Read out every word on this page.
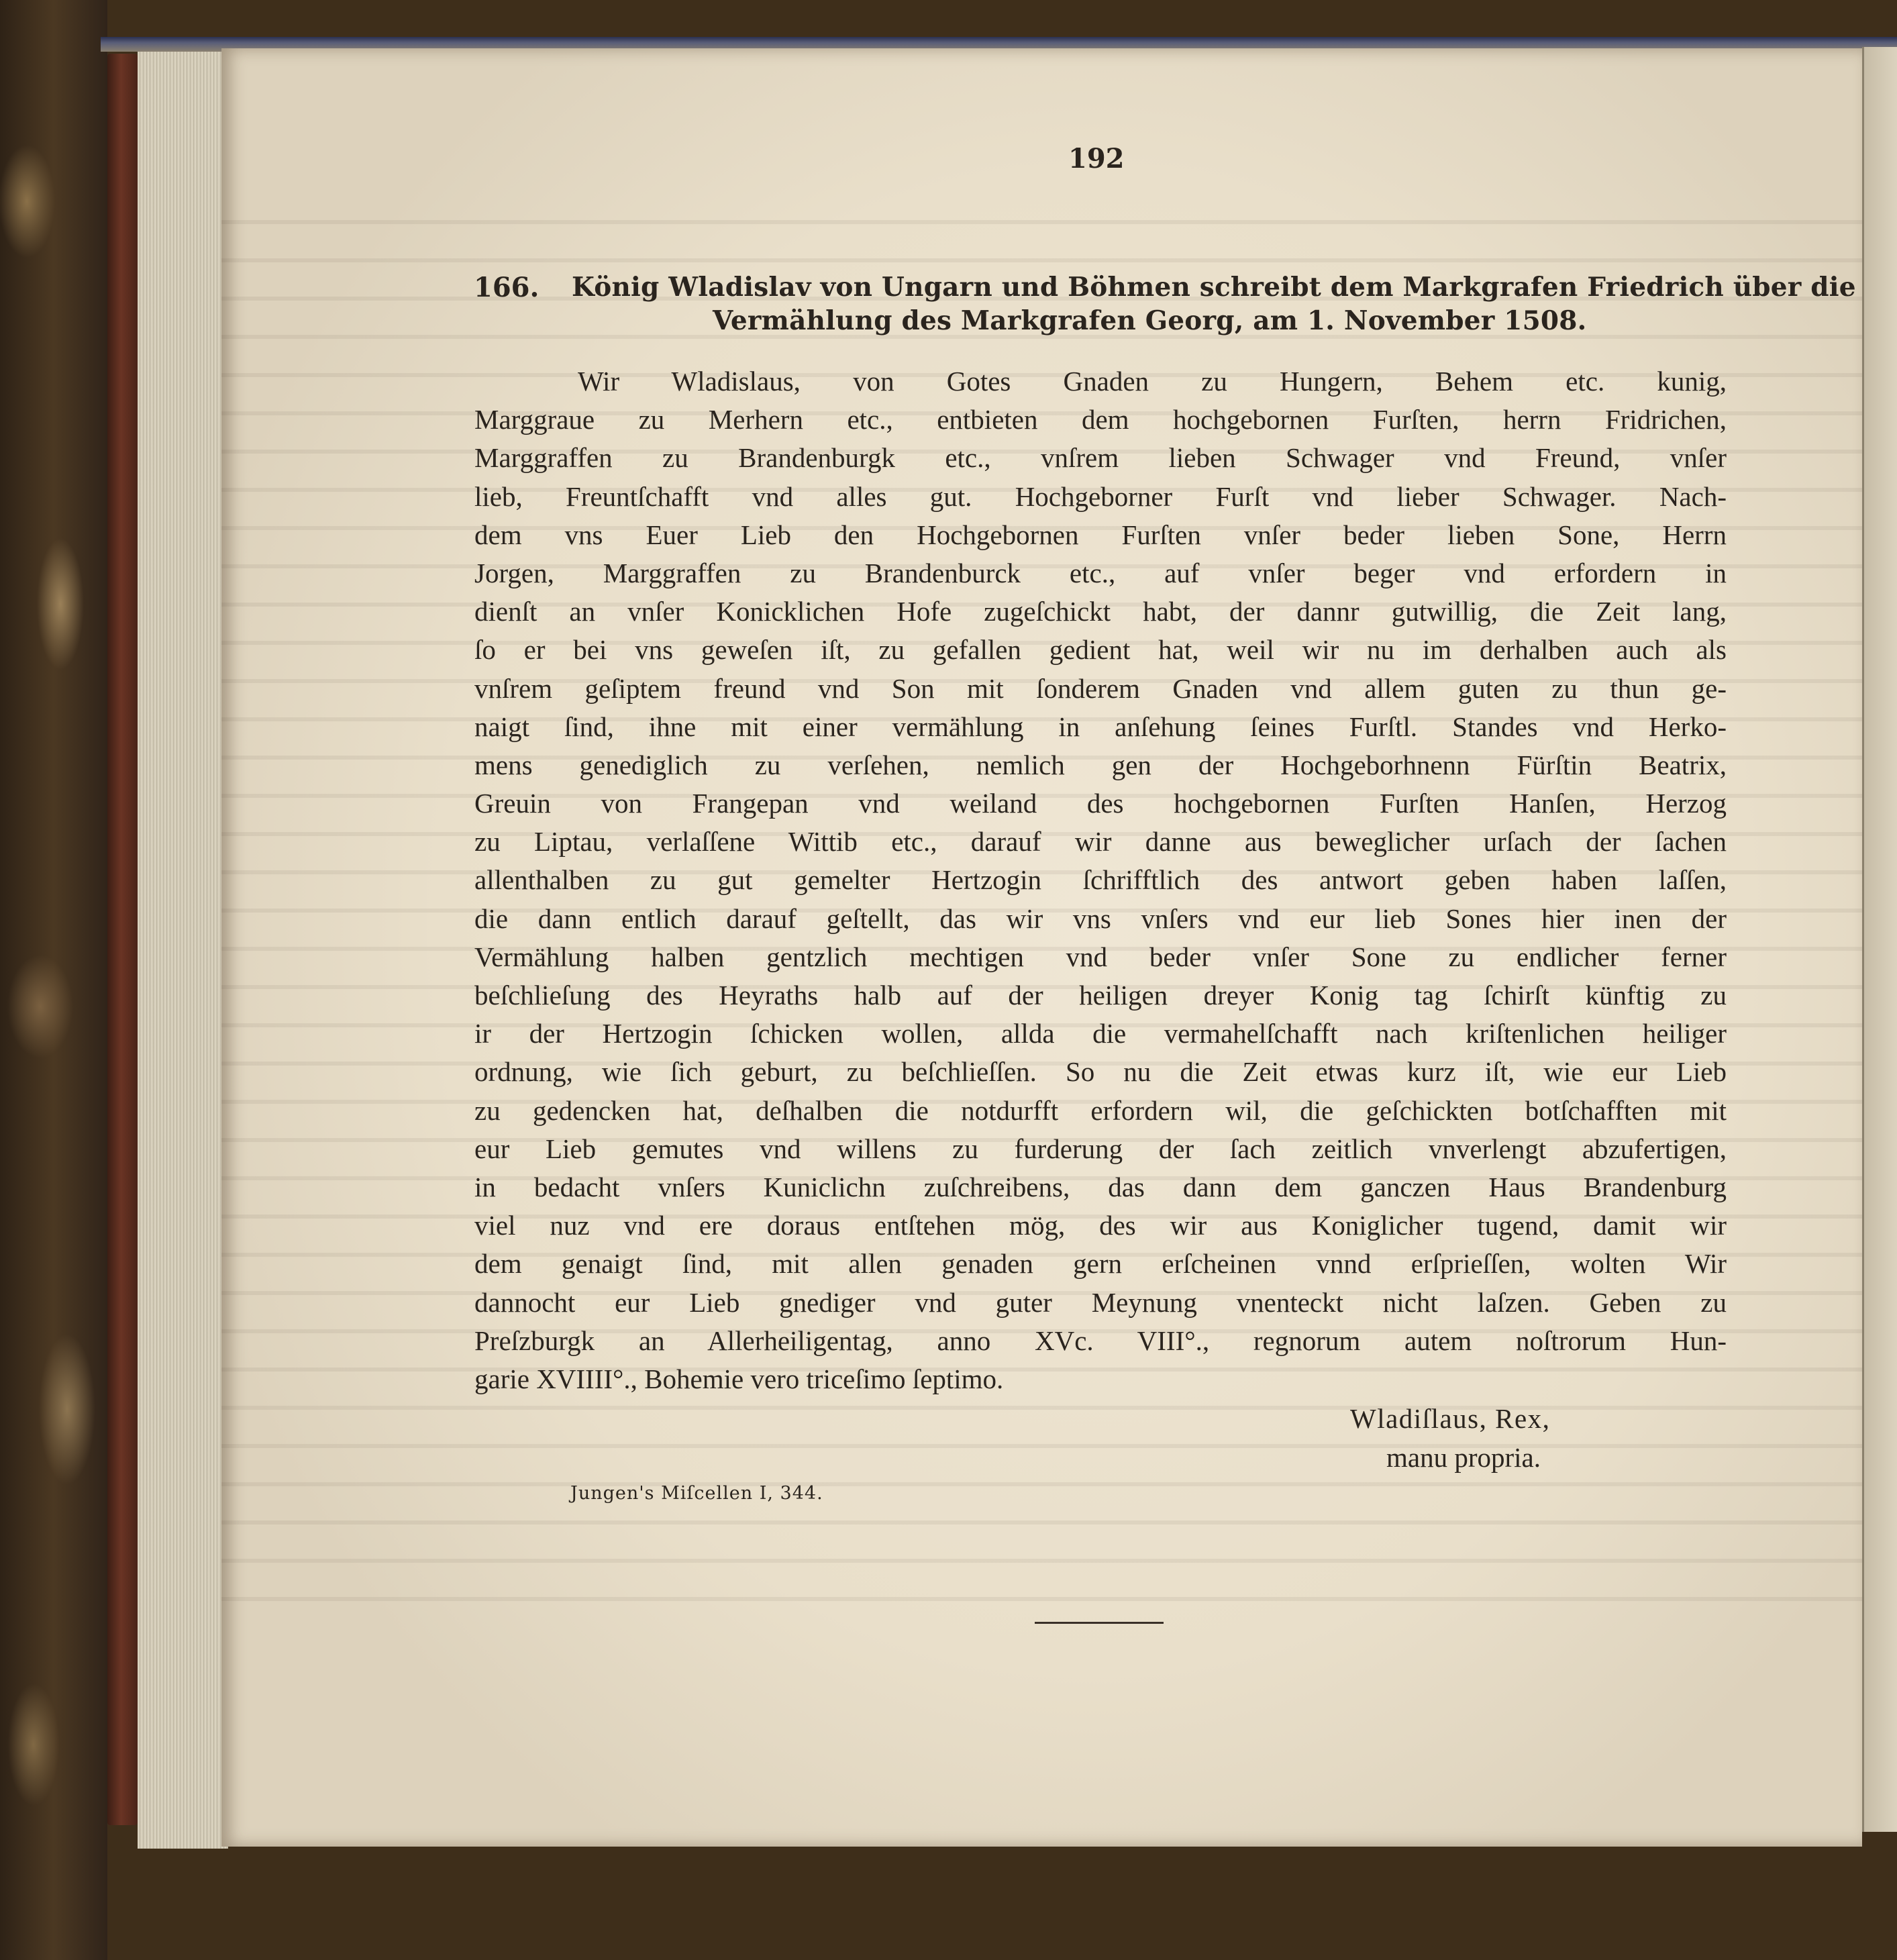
192
166. König Wladislav von Ungarn und Böhmen schreibt dem Markgrafen Friedrich über die
Vermählung des Markgrafen Georg, am 1. November 1508.
Wir Wladislaus, von Gotes Gnaden zu Hungern, Behem etc. kunig,
Marggraue zu Merhern etc., entbieten dem hochgebornen Furſten, herrn Fridrichen,
Marggraffen zu Brandenburgk etc., vnſrem lieben Schwager vnd Freund, vnſer
lieb, Freuntſchafft vnd alles gut. Hochgeborner Furſt vnd lieber Schwager. Nach-
dem vns Euer Lieb den Hochgebornen Furſten vnſer beder lieben Sone, Herrn
Jorgen, Marggraffen zu Brandenburck etc., auf vnſer beger vnd erfordern in
dienſt an vnſer Konicklichen Hofe zugeſchickt habt, der dannr gutwillig, die Zeit lang,
ſo er bei vns geweſen iſt, zu gefallen gedient hat, weil wir nu im derhalben auch als
vnſrem geſiptem freund vnd Son mit ſonderem Gnaden vnd allem guten zu thun ge-
naigt ſind, ihne mit einer vermählung in anſehung ſeines Furſtl. Standes vnd Herko-
mens genediglich zu verſehen, nemlich gen der Hochgeborhnenn Fürſtin Beatrix,
Greuin von Frangepan vnd weiland des hochgebornen Furſten Hanſen, Herzog
zu Liptau, verlaſſene Wittib etc., darauf wir danne aus beweglicher urſach der ſachen
allenthalben zu gut gemelter Hertzogin ſchrifftlich des antwort geben haben laſſen,
die dann entlich darauf geſtellt, das wir vns vnſers vnd eur lieb Sones hier inen der
Vermählung halben gentzlich mechtigen vnd beder vnſer Sone zu endlicher ferner
beſchlieſung des Heyraths halb auf der heiligen dreyer Konig tag ſchirſt künftig zu
ir der Hertzogin ſchicken wollen, allda die vermahelſchafft nach kriſtenlichen heiliger
ordnung, wie ſich geburt, zu beſchlieſſen. So nu die Zeit etwas kurz iſt, wie eur Lieb
zu gedencken hat, deſhalben die notdurfft erfordern wil, die geſchickten botſchafften mit
eur Lieb gemutes vnd willens zu furderung der ſach zeitlich vnverlengt abzufertigen,
in bedacht vnſers Kuniclichn zuſchreibens, das dann dem ganczen Haus Brandenburg
viel nuz vnd ere doraus entſtehen mög, des wir aus Koniglicher tugend, damit wir
dem genaigt ſind, mit allen genaden gern erſcheinen vnnd erſprieſſen, wolten Wir
dannocht eur Lieb gnediger vnd guter Meynung vnenteckt nicht laſzen. Geben zu
Preſzburgk an Allerheiligentag, anno XVc. VIII°., regnorum autem noſtrorum Hun-
garie XVIIII°., Bohemie vero triceſimo ſeptimo.
Wladiſlaus, Rex,
manu propria.
Jungen's Miſcellen I, 344.
